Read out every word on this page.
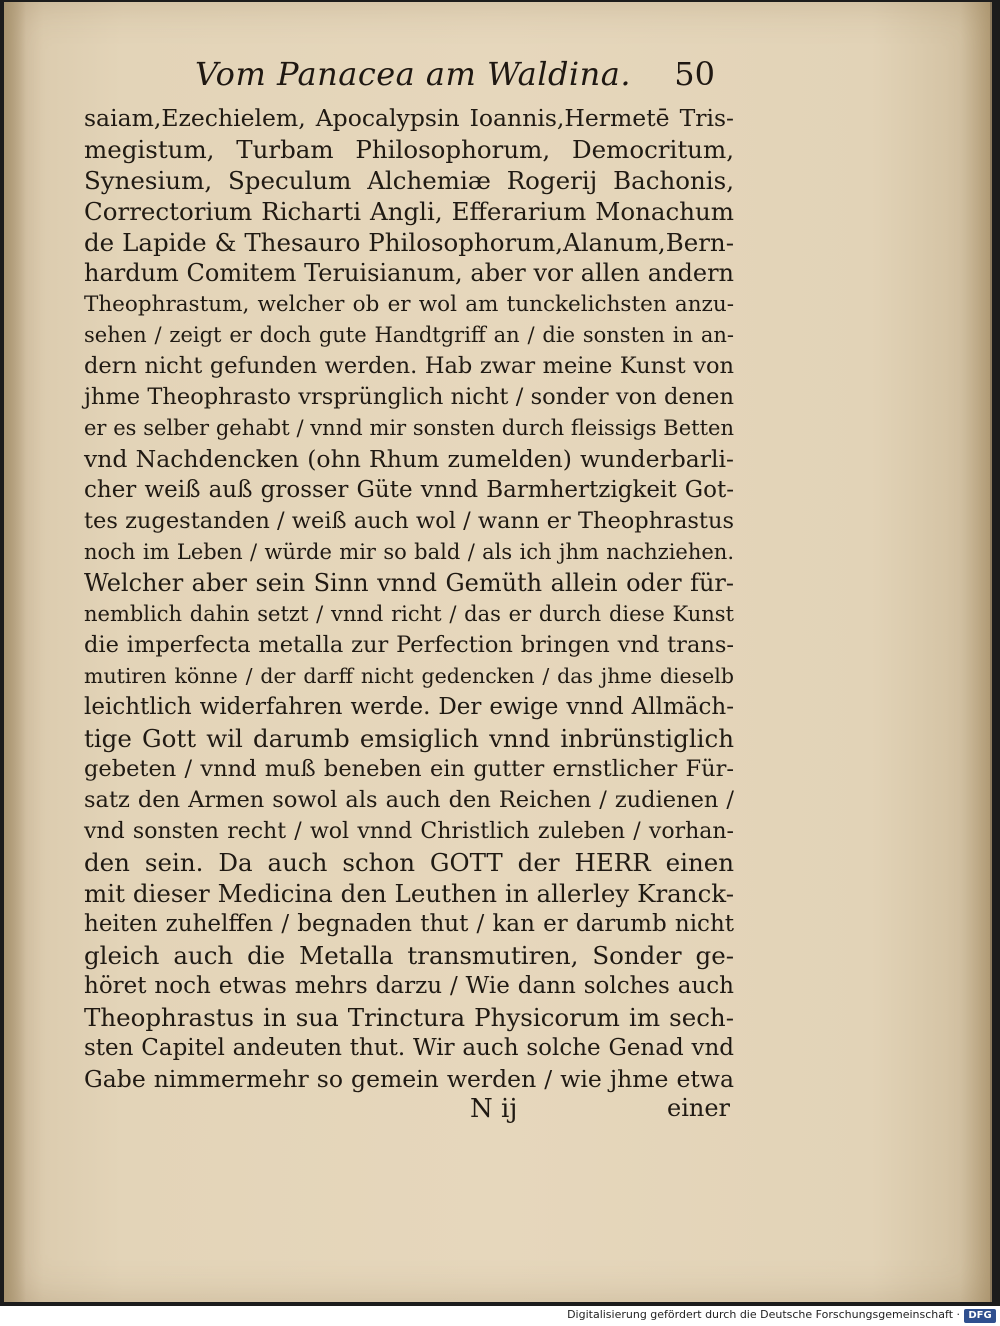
Vom Panacea am Waldina. 50
saiam,Ezechielem, Apocalypsin Ioannis,Hermetē Tris-
megistum, Turbam Philosophorum, Democritum,
Synesium, Speculum Alchemiæ Rogerij Bachonis,
Correctorium Richarti Angli, Efferarium Monachum
de Lapide & Thesauro Philosophorum,Alanum,Bern-
hardum Comitem Teruisianum, aber vor allen andern
Theophrastum, welcher ob er wol am tunckelichsten anzu-
sehen / zeigt er doch gute Handtgriff an / die sonsten in an-
dern nicht gefunden werden. Hab zwar meine Kunst von
jhme Theophrasto vrsprünglich nicht / sonder von denen
er es selber gehabt / vnnd mir sonsten durch fleissigs Betten
vnd Nachdencken (ohn Rhum zumelden) wunderbarli-
cher weiß auß grosser Güte vnnd Barmhertzigkeit Got-
tes zugestanden / weiß auch wol / wann er Theophrastus
noch im Leben / würde mir so bald / als ich jhm nachziehen.
Welcher aber sein Sinn vnnd Gemüth allein oder für-
nemblich dahin setzt / vnnd richt / das er durch diese Kunst
die imperfecta metalla zur Perfection bringen vnd trans-
mutiren könne / der darff nicht gedencken / das jhme dieselb
leichtlich widerfahren werde. Der ewige vnnd Allmäch-
tige Gott wil darumb emsiglich vnnd inbrünstiglich
gebeten / vnnd muß beneben ein gutter ernstlicher Für-
satz den Armen sowol als auch den Reichen / zudienen /
vnd sonsten recht / wol vnnd Christlich zuleben / vorhan-
den sein. Da auch schon GOTT der HERR einen
mit dieser Medicina den Leuthen in allerley Kranck-
heiten zuhelffen / begnaden thut / kan er darumb nicht
gleich auch die Metalla transmutiren, Sonder ge-
höret noch etwas mehrs darzu / Wie dann solches auch
Theophrastus in sua Trinctura Physicorum im sech-
sten Capitel andeuten thut. Wir auch solche Genad vnd
Gabe nimmermehr so gemein werden / wie jhme etwa
N ij	einer
Digitalisierung gefördert durch die Deutsche Forschungsgemeinschaft · DFG
